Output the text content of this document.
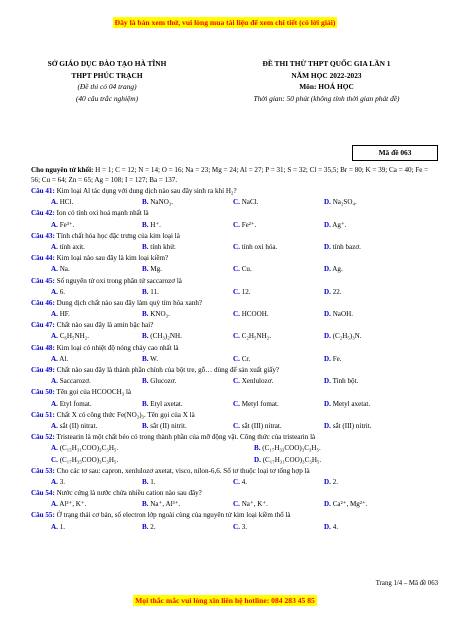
Đây là bản xem thử, vui lòng mua tài liệu để xem chi tiết (có lời giải)
SỞ GIÁO DỤC ĐÀO TẠO HÀ TĨNH
THPT PHÚC TRẠCH
(Đề thi có 04 trang)
(40 câu trắc nghiệm)
ĐỀ THI THỬ THPT QUỐC GIA LẦN 1
NĂM HỌC 2022-2023
Môn: HOÁ HỌC
Thời gian: 50 phút (không tính thời gian phát đề)
Mã đề 063
Cho nguyên tử khối: H = 1; C = 12; N = 14; O = 16; Na = 23; Mg = 24; Al = 27; P = 31; S = 32; Cl = 35,5; Br = 80; K = 39; Ca = 40; Fe = 56; Cu = 64; Zn = 65; Ag = 108; I = 127; Ba = 137.
Câu 41: Kim loại Al tác dụng với dung dịch nào sau đây sinh ra khí H₂?
A. HCl.	B. NaNO₃.	C. NaCl.	D. Na₂SO₄.
Câu 42: Ion có tính oxi hoá mạnh nhất là
A. Fe³⁺.	B. H⁺.	C. Fe²⁺.	D. Ag⁺.
Câu 43: Tính chất hóa học đặc trưng của kim loại là
A. tính axit.	B. tính khử.	C. tính oxi hóa.	D. tính bazơ.
Câu 44: Kim loại nào sau đây là kim loại kiềm?
A. Na.	B. Mg.	C. Cu.	D. Ag.
Câu 45: Số nguyên tử oxi trong phân tử saccarozơ là
A. 6.	B. 11.	C. 12.	D. 22.
Câu 46: Dung dịch chất nào sau đây làm quỳ tím hóa xanh?
A. HF.	B. KNO₃.	C. HCOOH.	D. NaOH.
Câu 47: Chất nào sau đây là amin bậc hai?
A. C₆H₅NH₂.	B. (CH₃)₂NH.	C. C₂H₅NH₂.	D. (C₂H₅)₃N.
Câu 48: Kim loại có nhiệt độ nóng chảy cao nhất là
A. Al.	B. W.	C. Cr.	D. Fe.
Câu 49: Chất nào sau đây là thành phần chính của bột tre, gỗ… dùng để sản xuất giấy?
A. Saccarozơ.	B. Glucozơ.	C. Xenlulozơ.	D. Tinh bột.
Câu 50: Tên gọi của HCOOCH₃ là
A. Etyl fomat.	B. Etyl axetat.	C. Metyl fomat.	D. Metyl axetat.
Câu 51: Chất X có công thức Fe(NO₃)₃. Tên gọi của X là
A. sắt (II) nitrat.	B. sắt (II) nitrit.	C. sắt (III) nitrat.	D. sắt (III) nitrit.
Câu 52: Tristearin là một chất béo có trong thành phần của mỡ động vật. Công thức của tristearin là
A. (C₁₅H₃₁COO)₃C₃H₅.	B. (C₁₇H₃₃COO)₃C₃H₅.
C. (C₁₇H₃₅COO)₃C₃H₅.	D. (C₁₇H₃₁COO)₃C₃H₅.
Câu 53: Cho các tơ sau: capron, xenlulozơ axetat, visco, nilon-6,6. Số tơ thuộc loại tơ tổng hợp là
A. 3.	B. 1.	C. 4.	D. 2.
Câu 54: Nước cứng là nước chứa nhiều cation nào sau đây?
A. Al³⁺, K⁺.	B. Na⁺, Al³⁺.	C. Na⁺, K⁺.	D. Ca²⁺, Mg²⁺.
Câu 55: Ở trạng thái cơ bản, số electron lớp ngoài cùng của nguyên tử kim loại kiềm thổ là
A. 1.	B. 2.	C. 3.	D. 4.
Trang 1/4 – Mã đề 063
Mọi thắc mắc vui lòng xin liên hệ hotline: 084 283 45 85
